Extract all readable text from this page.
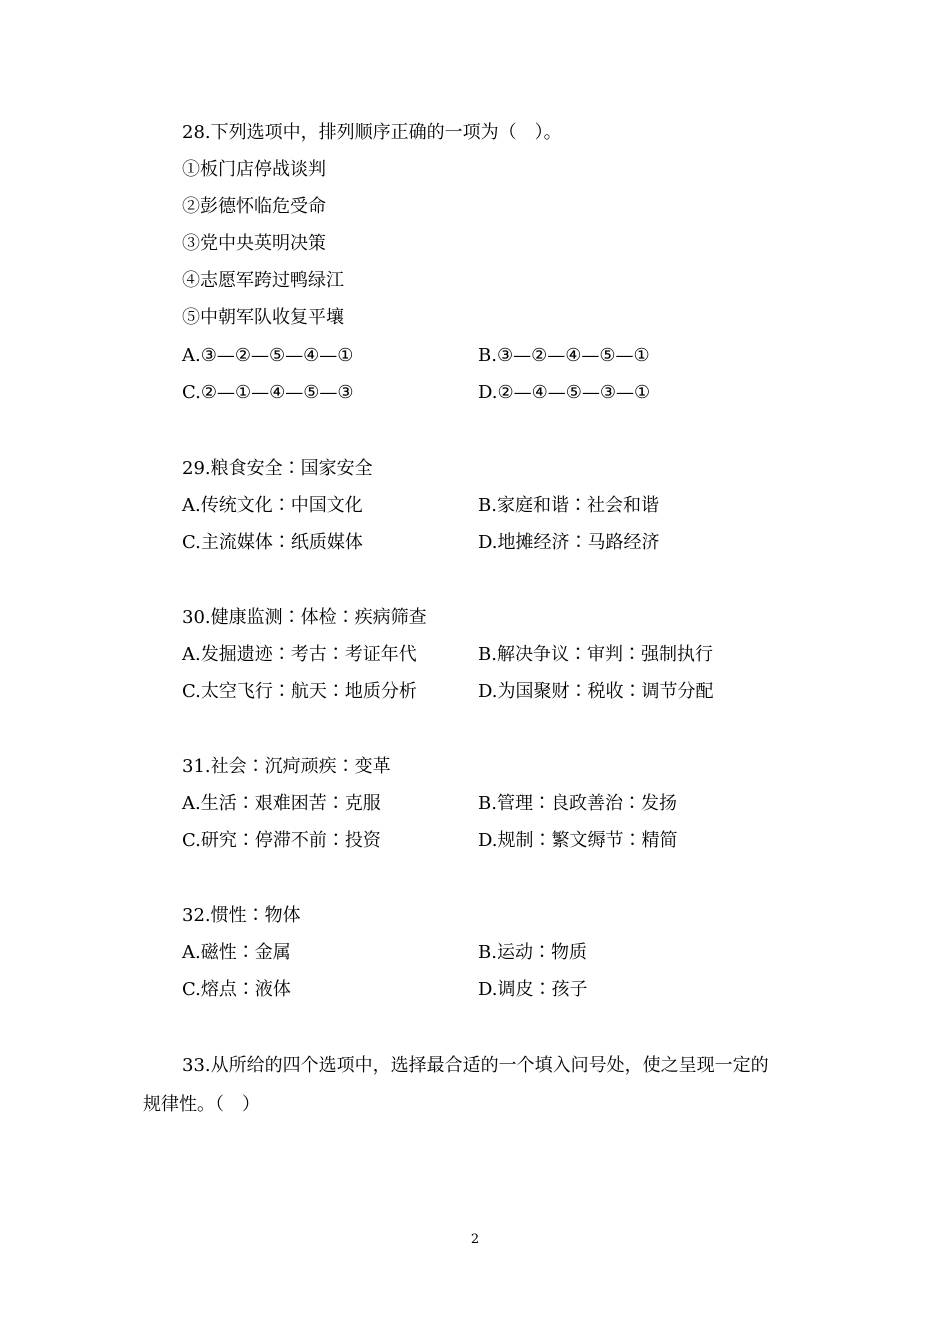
28.下列选项中，排列顺序正确的一项为（　）。
①板门店停战谈判
②彭德怀临危受命
③党中央英明决策
④志愿军跨过鸭绿江
⑤中朝军队收复平壤
A.③—②—⑤—④—①	B.③—②—④—⑤—①
C.②—①—④—⑤—③	D.②—④—⑤—③—①
29.粮食安全∶国家安全
A.传统文化∶中国文化	B.家庭和谐∶社会和谐
C.主流媒体∶纸质媒体	D.地摊经济∶马路经济
30.健康监测∶体检∶疾病筛查
A.发掘遗迹∶考古∶考证年代	B.解决争议∶审判∶强制执行
C.太空飞行∶航天∶地质分析	D.为国聚财∶税收∶调节分配
31.社会∶沉疴顽疾∶变革
A.生活∶艰难困苦∶克服	B.管理∶良政善治∶发扬
C.研究∶停滞不前∶投资	D.规制∶繁文缛节∶精简
32.惯性∶物体
A.磁性∶金属	B.运动∶物质
C.熔点∶液体	D.调皮∶孩子
33.从所给的四个选项中，选择最合适的一个填入问号处，使之呈现一定的
规律性。（　）
2
